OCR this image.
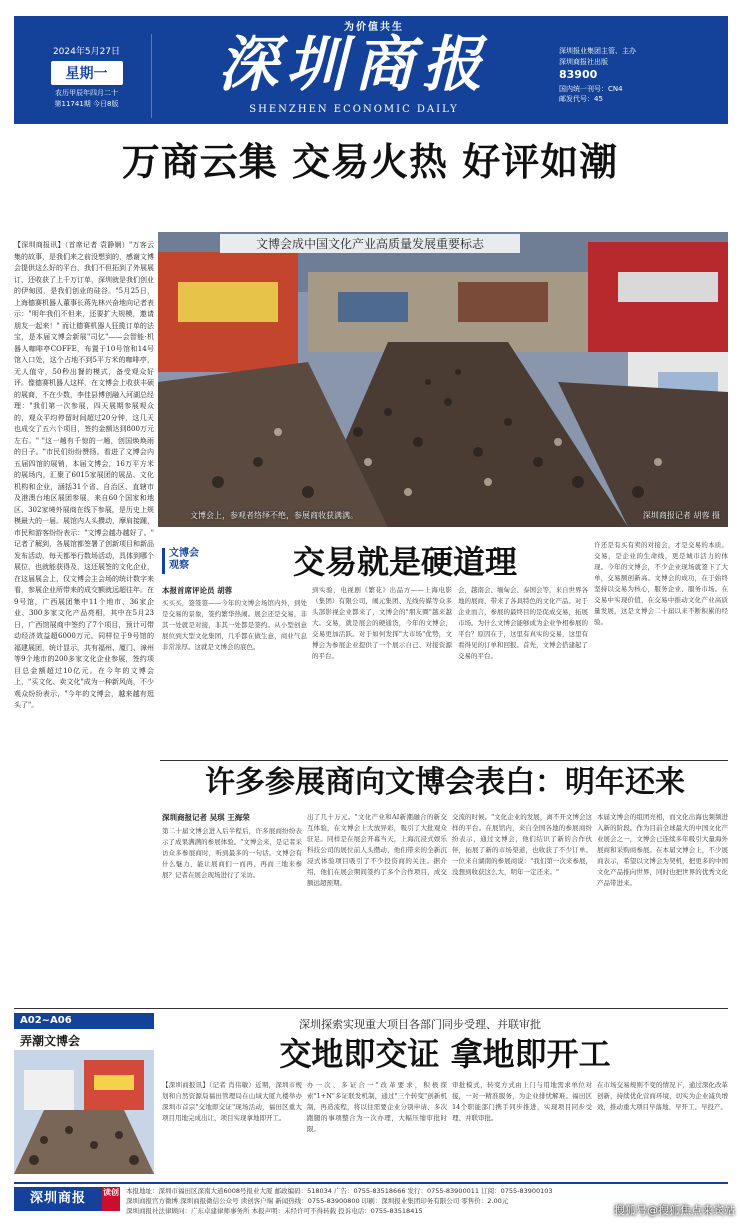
为价值共生
2024年5月27日
星期一
农历甲辰年四月二十
第11741期 今日8版
深圳商报
SHENZHEN ECONOMIC DAILY
深圳报业集团主管、主办
深圳商报社出版
83900
国内统一刊号：CN4
邮发代号：45
万商云集 交易火热 好评如潮
【深圳商报讯】（首席记者 袁静娴）"万客云集的故事，是我们来之前没想到的，感谢文博会提供这么好的平台，我们不但拓到了外展展订，还收获了上千万订单，深圳就是我们创业的伊甸园，是我们创业的硅谷。"5月25日，上海德赛机器人董事长蒋先林兴奋地向记者表示："明年我们不但来，还要扩大规模，邀请朋友一起来！" 而让德赛机器人狂揽订单的法宝，是本届文博会新展"司亿"——会智能·机器人咖啡亭COFFE，布置于10号馆和14号馆入口处，这个占地不到5平方米的咖啡亭，无人值守，50秒出餐的模式，备受观众好评。像德赛机器人这样，在文博会上收获丰硕的展商，不在少数，李佳县博创融入河湖总经理："我们第一次参展，四天展期参展观众的，观众平均停留时间超过20分钟，这几天也成交了五六个项目，签约金额达到800万元左右。" "这一趟有千惊的一趟，创国焕焕雨的日子。"市民们纷纷赞扬。看进了文博会内五届四馆的展销，本届文博会，16万平方米的展场内，汇聚了6015家展团的展品、文化机构和企业，涵括31个省、自治区、直辖市及港澳台地区展团参展，来自60个国家和地区、302家境外展商在线下参展，是历史上规模最大的一届。展馆内人头攒动，摩肩接踵，市民和游客纷纷表示："文博会越办越好了。" 记者了解到，各展馆都签署了创新项目和新品发布活动，每天都举行数场活动，具体到哪个展位，也就能获得及，这还展签的文化企业，在这届展会上，仅文博会主会场的统计数字来看，参展企业所带来的成交额就远超往年。在9号馆，广西展团集中11个地市、36家企业、300多家文化产品亮相，其中在5月23日，广西馆展商中签约了7个项目，预计可带动经济效益超6000万元。同样位于9号馆的福建展团，统计显示，共有福州、厦门、漳州等9个地市的200多家文化企业参展，签约项目总金额超过10亿元。在今年的文博会上，"买文化、卖文化"成为一种新风尚，不少观众纷纷表示，"今年的文博会，越来越有逛头了"。
文博会成中国文化产业高质量发展重要标志
文博会上，参观者络绎不绝，参展商收获满满。	深圳商报记者 胡蓉 摄
文博会
观察	交易就是硬道理
本报首席评论员 胡蓉
买买买，签签签——今年的文博会场馆内外，到处是交易的景象，签约繁华热闹。展会还是交易，非其一处就是对接，非其一处都是签约。从小型创意展位到大型文化集团，几乎都在做生意，商业气息非常浓厚。这就是文博会的底色。
到实验，电视剧《繁花》出品方——上海电影（集团）有限公司，闹元集团、光线传媒等众多头部影视企业都来了，文博会的"朋友圈"越来越大。交易，就是展会的硬通货，今年的文博会，交易更加活跃。对于如何发挥"大市场"优势，文博会为参展企业提供了一个展示自己、对接资源的平台。
会，越南会、缅甸会、泰国会等，来自世界各地的展商，带来了各具特色的文化产品。对于企业而言，参展的最终目的是促成交易，拓展市场。为什么文博会能够成为企业争相参展的平台？原因在于，这里有真实的交易，这里有看得见的订单和回报。首先，文博会搭建起了交易的平台。
许还是有买有卖的对接会，才是交易的本质。交易，是企业的生命线，更是城市活力的体现。今年的文博会，不少企业现场就签下了大单，交易额创新高。文博会的成功，在于始终坚持以交易为核心，服务企业、服务市场。在交易中实现价值，在交易中推动文化产业高质量发展，这是文博会二十届以来不断积累的经验。
许多参展商向文博会表白：明年还来
深圳商报记者 吴琪 王海荣
第二十届文博会进入后半程后，许多展商纷纷表示了成果满满的参展体验。"文博会来，是记者采访众多参展商时，听到最多的一句话。文博会有什么魅力，能让展商们一而再、再而三地来参展？记者在展会现场进行了采访。
出了几十万元。"文化产业和AI新潮融合的新交互体验，在文博会上大放异彩，吸引了大批观众驻足。同样是在展会开幕当天，上海沉浸式娱乐科技公司的展位前人头攒动，他们带来的全新沉浸式体验项目吸引了不少投资商的关注。据介绍，他们在展会期间签约了多个合作项目，成交额远超预期。
交流的时候。"文化企业的发展，离不开文博会这样的平台。在展馆内，来自全国各地的参展商纷纷表示，通过文博会，他们结识了新的合作伙伴，拓展了新的市场渠道，也收获了不少订单。一位来自湖南的参展商说："我们第一次来参展，没想到收获这么大，明年一定还来。"
本届文博会的组团亮相，而文化出海也频频进入新的阶段。作为目前全球最大的中国文化产业展会之一，文博会已连续多年吸引大量海外展商和采购商参展。在本届文博会上，不少展商表示，希望以文博会为契机，把更多的中国文化产品推向世界，同时也把世界的优秀文化产品带进来。
A02~A06
弄潮文博会
深圳探索实现重大项目各部门同步受理、并联审批
交地即交证 拿地即开工
【深圳商报讯】（记者 肖伟敏）近期，深圳市规划和自然资源局福田管理局在山域大厦九楼举办深圳市首宗"交地即交证"现场活动，福田区重大项目用地完成出让，项目实现拿地即开工。
办一次、多证合一"改革要求，积极探索"1+N"多证联发机制，通过"三个转变"创新机制，再造流程，将以往需要企业分别申请、多次跑腿的事项整合为一次办理，大幅压缩审批时限。
审批模式，转变方式由上门与用地需求单位对接，一对一精准服务，为企业排忧解难。福田区14个职能部门携手同步推进，实现项目同步受理、并联审批。
在市场交易规则不变的情况下，通过深化改革创新，持续优化营商环境，切实为企业减负增效，推动重大项目早落地、早开工、早投产。
深圳商报	读创 本报地址：深圳市福田区深南大道6008号报业大厦 邮政编码：518034 广告：0755-83518666 发行：0755-83900011 订阅：0755-83900103
深圳商报官方微博 深圳商报微信公众号 读创客户端 新闻热线：0755-83900800 印刷：深圳报业集团印务有限公司 零售价：2.00元
深圳商报社法律顾问：广东卓建律师事务所 本报声明：未经许可不得转载 投诉电话：0755-83518415	搜狐号@搜狐焦点来宾站
